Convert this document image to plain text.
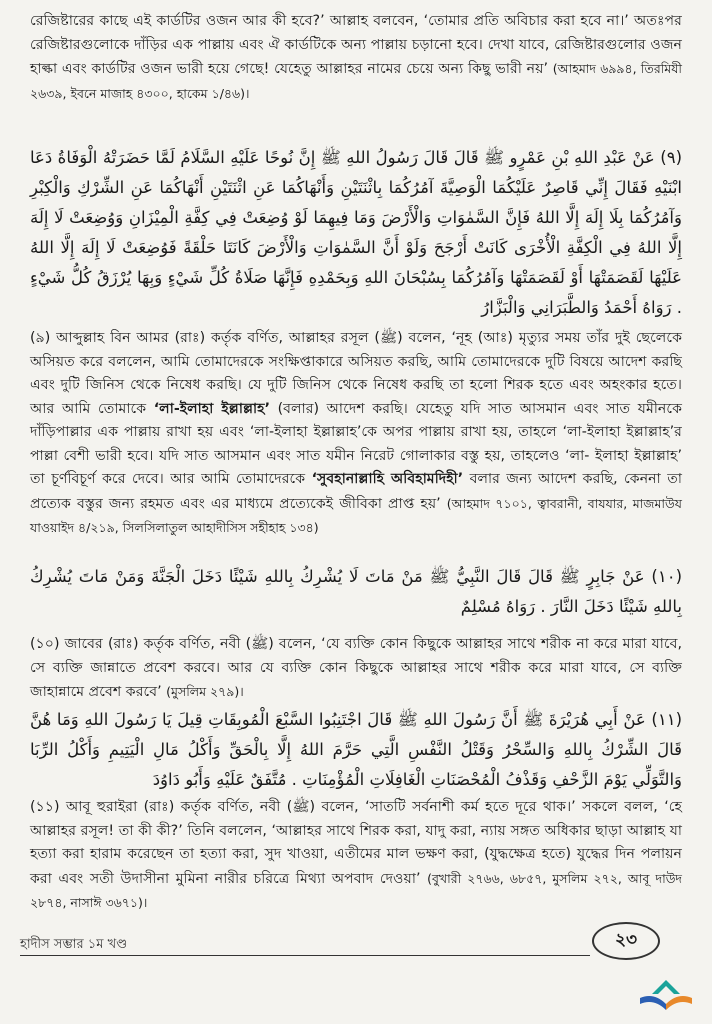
রেজিষ্টারের কাছে এই কার্ডটির ওজন আর কী হবে?’ আল্লাহ বলবেন, ‘তোমার প্রতি অবিচার করা হবে না।’ অতঃপর রেজিষ্টারগুলোকে দাঁড়ির এক পাল্লায় এবং ঐ কার্ডটিকে অন্য পাল্লায় চড়ানো হবে। দেখা যাবে, রেজিষ্টারগুলোর ওজন হাল্কা এবং কার্ডটির ওজন ভারী হয়ে গেছে! যেহেতু আল্লাহর নামের চেয়ে অন্য কিছু ভারী নয়’ (আহমাদ ৬৯৯৪, তিরমিযী ২৬৩৯, ইবনে মাজাহ ৪৩০০, হাকেম ১/৪৬)।

(٩) عَنْ عَبْدِ اللهِ بْنِ عَمْرٍو ﷺ قَالَ قَالَ رَسُولُ اللهِ ﷺ إِنَّ نُوحًا عَلَيْهِ السَّلَامُ لَمَّا حَضَرَتْهُ الْوَفَاةُ دَعَا ابْنَيْهِ فَقَالَ إِنِّي قَاصِرٌ عَلَيْكُمَا الْوَصِيَّةَ آمُرُكُمَا بِاثْنَتَيْنِ وَأَنْهَاكُمَا عَنِ اثْنَتَيْنِ أَنْهَاكُمَا عَنِ الشِّرْكِ وَالْكِبْرِ وَآمُرُكُمَا بِلَا إِلَهَ إِلَّا اللهُ فَإِنَّ السَّمٰوَاتِ وَالْأَرْضَ وَمَا فِيهِمَا لَوْ وُضِعَتْ فِي كِفَّةِ الْمِيْزَانِ وَوُضِعَتْ لَا إِلَهَ إِلَّا اللهُ فِي الْكِفَّةِ الْأُخْرَى كَانَتْ أَرْجَحَ وَلَوْ أَنَّ السَّمٰوَاتِ وَالْأَرْضَ كَانَتَا حَلْقَةً فَوُضِعَتْ لَا إِلَهَ إِلَّا اللهُ عَلَيْهَا لَقَصَمَتْهَا أَوْ لَقَصَمَتْهَا وَآمُرُكُمَا بِسُبْحَانَ اللهِ وَبِحَمْدِهِ فَإِنَّهَا صَلَاةُ كُلِّ شَيْءٍ وَبِهَا يُرْزَقُ كُلُّ شَيْءٍ . رَوَاهُ أَحْمَدُ وَالطَّبَرَانِي وَالْبَزَّارُ

(৯) আব্দুল্লাহ বিন আমর (রাঃ) কর্তৃক বর্ণিত, আল্লাহর রসূল (ﷺ) বলেন, ‘নূহ (আঃ) মৃত্যুর সময় তাঁর দুই ছেলেকে অসিয়ত করে বললেন, আমি তোমাদেরকে সংক্ষিপ্তাকারে অসিয়ত করছি, আমি তোমাদেরকে দুটি বিষয়ে আদেশ করছি এবং দুটি জিনিস থেকে নিষেধ করছি। যে দুটি জিনিস থেকে নিষেধ করছি তা হলো শিরক হতে এবং অহংকার হতে। আর আমি তোমাকে ‘লা-ইলাহা ইল্লাল্লাহ’ (বলার) আদেশ করছি। যেহেতু যদি সাত আসমান এবং সাত যমীনকে দাঁড়িপাল্লার এক পাল্লায় রাখা হয় এবং ‘লা-ইলাহা ইল্লাল্লাহ’কে অপর পাল্লায় রাখা হয়, তাহলে ‘লা-ইলাহা ইল্লাল্লাহ’র পাল্লা বেশী ভারী হবে। যদি সাত আসমান এবং সাত যমীন নিরেট গোলাকার বস্তু হয়, তাহলেও ‘লা- ইলাহা ইল্লাল্লাহ’ তা চূর্ণবিচূর্ণ করে দেবে। আর আমি তোমাদেরকে ‘সুবহানাল্লাহি অবিহামদিহী’ বলার জন্য আদেশ করছি, কেননা তা প্রত্যেক বস্তুর জন্য রহমত এবং এর মাধ্যমে প্রত্যেকেই জীবিকা প্রাপ্ত হয়’ (আহমাদ ৭১০১, ত্বাবরানী, বাযযার, মাজমাউয যাওয়াইদ ৪/২১৯, সিলসিলাতুল আহাদীসিস সহীহাহ ১৩৪)

(١٠) عَنْ جَابِرٍ ﷺ قَالَ قَالَ النَّبِيُّ ﷺ مَنْ مَاتَ لَا يُشْرِكُ بِاللهِ شَيْئًا دَخَلَ الْجَنَّةَ وَمَنْ مَاتَ يُشْرِكُ بِاللهِ شَيْئًا دَخَلَ النَّارَ . رَوَاهُ مُسْلِمٌ

(১০) জাবের (রাঃ) কর্তৃক বর্ণিত, নবী (ﷺ) বলেন, ‘যে ব্যক্তি কোন কিছুকে আল্লাহর সাথে শরীক না করে মারা যাবে, সে ব্যক্তি জান্নাতে প্রবেশ করবে। আর যে ব্যক্তি কোন কিছুকে আল্লাহর সাথে শরীক করে মারা যাবে, সে ব্যক্তি জাহান্নামে প্রবেশ করবে’ (মুসলিম ২৭৯)।

(١١) عَنْ أَبِي هُرَيْرَةَ ﷺ أَنَّ رَسُولَ اللهِ ﷺ قَالَ اجْتَنِبُوا السَّبْعَ الْمُوبِقَاتِ قِيلَ يَا رَسُولَ اللهِ وَمَا هُنَّ قَالَ الشِّرْكُ بِاللهِ وَالسِّحْرُ وَقَتْلُ النَّفْسِ الَّتِي حَرَّمَ اللهُ إِلَّا بِالْحَقِّ وَأَكْلُ مَالِ الْيَتِيمِ وَأَكْلُ الرِّبَا وَالتَّوَلِّي يَوْمَ الزَّحْفِ وَقَذْفُ الْمُحْصَنَاتِ الْغَافِلَاتِ الْمُؤْمِنَاتِ . مُتَّفَقٌ عَلَيْهِ وَأَبُو دَاوُدَ

(১১) আবূ হুরাইরা (রাঃ) কর্তৃক বর্ণিত, নবী (ﷺ) বলেন, ‘সাতটি সর্বনাশী কর্ম হতে দূরে থাক।’ সকলে বলল, ‘হে আল্লাহর রসূল! তা কী কী?’ তিনি বললেন, ‘আল্লাহর সাথে শিরক করা, যাদু করা, ন্যায় সঙ্গত অধিকার ছাড়া আল্লাহ যা হত্যা করা হারাম করেছেন তা হত্যা করা, সুদ খাওয়া, এতীমের মাল ভক্ষণ করা, (যুদ্ধক্ষেত্র হতে) যুদ্ধের দিন পলায়ন করা এবং সতী উদাসীনা মুমিনা নারীর চরিত্রে মিথ্যা অপবাদ দেওয়া’ (বুখারী ২৭৬৬, ৬৮৫৭, মুসলিম ২৭২, আবূ দাউদ ২৮৭৪, নাসাঈ ৩৬৭১)।

হাদীস সম্ভার ১ম খণ্ড	২৩
